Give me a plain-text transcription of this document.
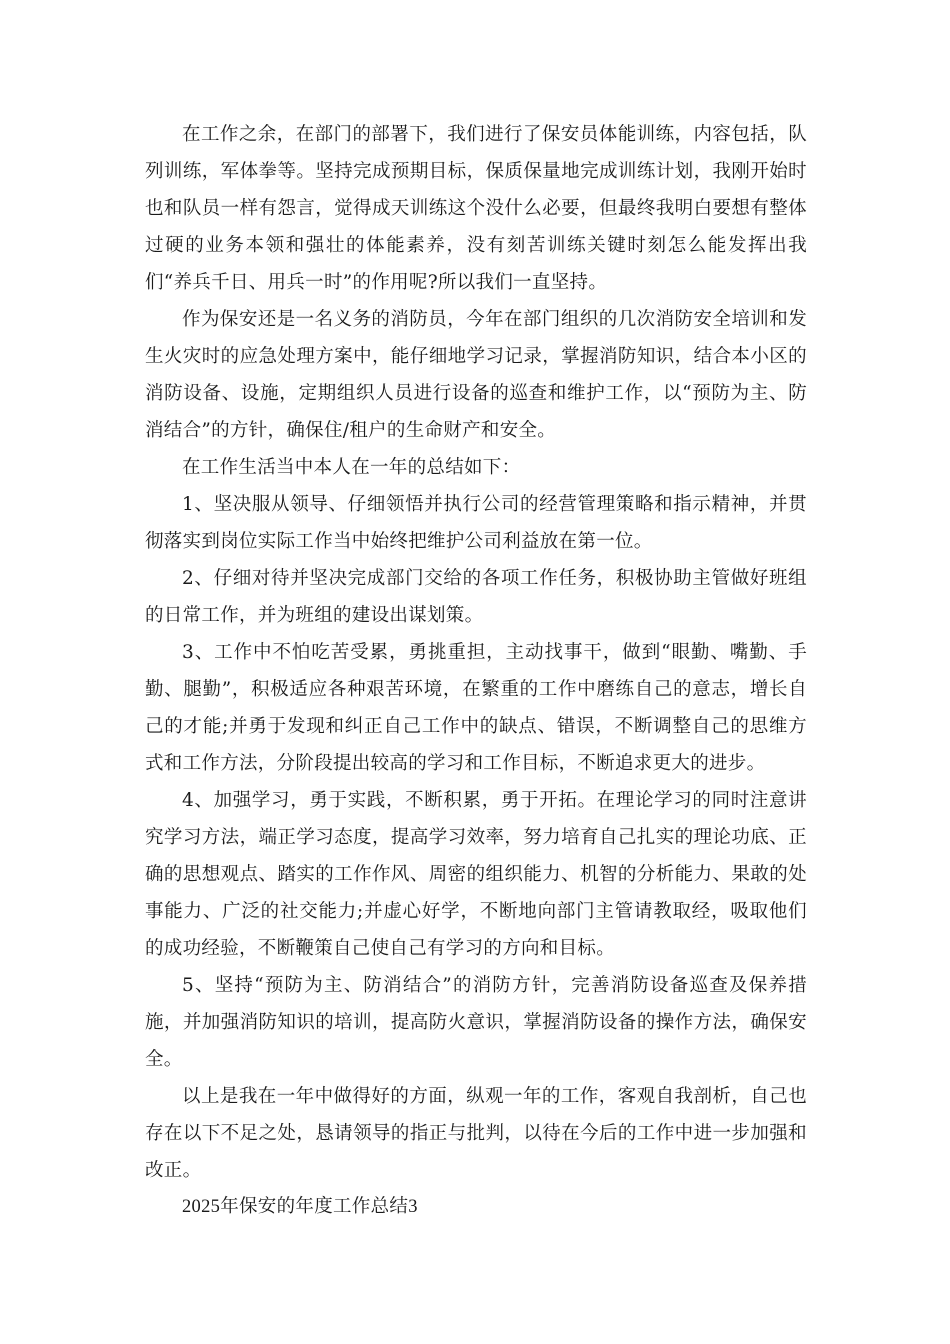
在工作之余，在部门的部署下，我们进行了保安员体能训练，内容包括，队列训练，军体拳等。坚持完成预期目标，保质保量地完成训练计划，我刚开始时也和队员一样有怨言，觉得成天训练这个没什么必要，但最终我明白要想有整体过硬的业务本领和强壮的体能素养，没有刻苦训练关键时刻怎么能发挥出我们“养兵千日、用兵一时”的作用呢?所以我们一直坚持。

作为保安还是一名义务的消防员，今年在部门组织的几次消防安全培训和发生火灾时的应急处理方案中，能仔细地学习记录，掌握消防知识，结合本小区的消防设备、设施，定期组织人员进行设备的巡查和维护工作，以“预防为主、防消结合”的方针，确保住/租户的生命财产和安全。

在工作生活当中本人在一年的总结如下：

1、坚决服从领导、仔细领悟并执行公司的经营管理策略和指示精神，并贯彻落实到岗位实际工作当中始终把维护公司利益放在第一位。

2、仔细对待并坚决完成部门交给的各项工作任务，积极协助主管做好班组的日常工作，并为班组的建设出谋划策。

3、工作中不怕吃苦受累，勇挑重担，主动找事干，做到“眼勤、嘴勤、手勤、腿勤”，积极适应各种艰苦环境，在繁重的工作中磨练自己的意志，增长自己的才能;并勇于发现和纠正自己工作中的缺点、错误，不断调整自己的思维方式和工作方法，分阶段提出较高的学习和工作目标，不断追求更大的进步。

4、加强学习，勇于实践，不断积累，勇于开拓。在理论学习的同时注意讲究学习方法，端正学习态度，提高学习效率，努力培育自己扎实的理论功底、正确的思想观点、踏实的工作作风、周密的组织能力、机智的分析能力、果敢的处事能力、广泛的社交能力;并虚心好学，不断地向部门主管请教取经，吸取他们的成功经验，不断鞭策自己使自己有学习的方向和目标。

5、坚持“预防为主、防消结合”的消防方针，完善消防设备巡查及保养措施，并加强消防知识的培训，提高防火意识，掌握消防设备的操作方法，确保安全。

以上是我在一年中做得好的方面，纵观一年的工作，客观自我剖析，自己也存在以下不足之处，恳请领导的指正与批判，以待在今后的工作中进一步加强和改正。

2025年保安的年度工作总结3
